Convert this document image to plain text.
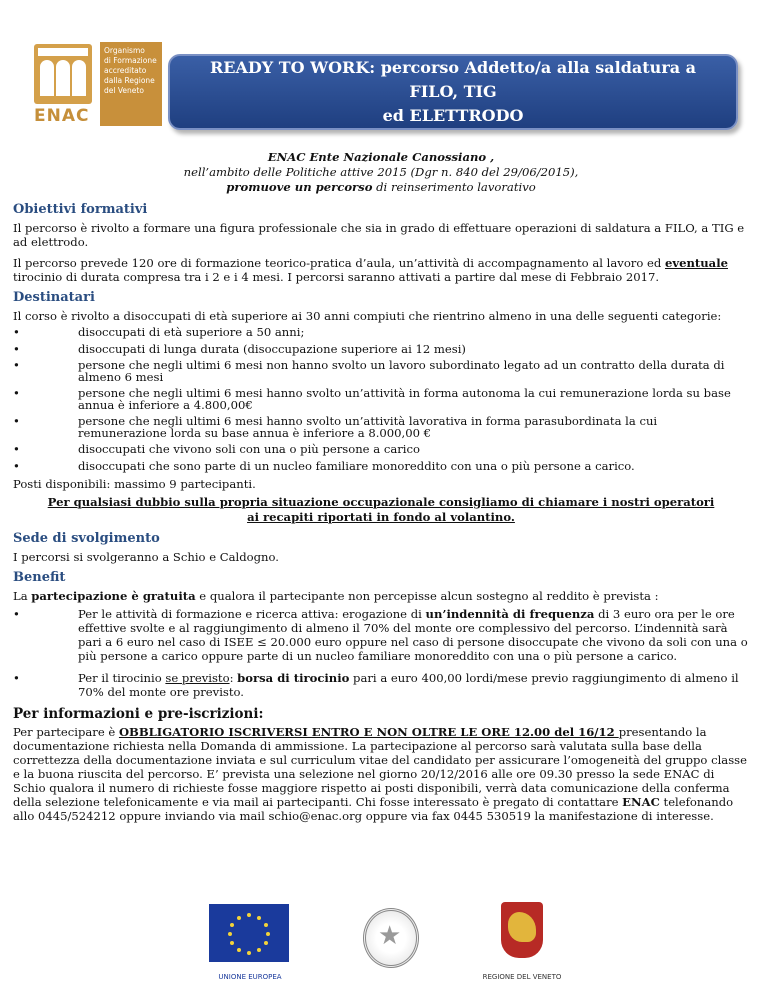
ENAC
Organismo
di Formazione
accreditato
dalla Regione
del Veneto
READY TO WORK: percorso Addetto/a alla saldatura a FILO, TIG
ed ELETTRODO
ENAC Ente Nazionale Canossiano ,
nell’ambito delle Politiche attive 2015 (Dgr n. 840 del 29/06/2015),
promuove un percorso di reinserimento lavorativo
Obiettivi formativi

Il percorso è rivolto a formare una figura professionale che sia in grado di effettuare operazioni di saldatura a FILO, a TIG e ad elettrodo.

Il percorso prevede 120 ore di formazione teorico-pratica d’aula, un’attività di accompagnamento al lavoro ed eventuale tirocinio di durata compresa tra i 2 e i 4 mesi. I percorsi saranno attivati a partire dal mese di Febbraio 2017.

Destinatari

Il corso è rivolto a disoccupati di età superiore ai 30 anni compiuti che rientrino almeno in una delle seguenti categorie:

• disoccupati di età superiore a 50 anni;
• disoccupati di lunga durata (disoccupazione superiore ai 12 mesi)
• persone che negli ultimi 6 mesi non hanno svolto un lavoro subordinato legato ad un contratto della durata di almeno 6 mesi
• persone che negli ultimi 6 mesi hanno svolto un’attività in forma autonoma la cui remunerazione lorda su base annua è inferiore a 4.800,00€
• persone che negli ultimi 6 mesi hanno svolto un’attività lavorativa in forma parasubordinata la cui remunerazione lorda su base annua è inferiore a 8.000,00 €
• disoccupati che vivono soli con una o più persone a carico
• disoccupati che sono parte di un nucleo familiare monoreddito con una o più persone a carico.

Posti disponibili: massimo 9 partecipanti.

Per qualsiasi dubbio sulla propria situazione occupazionale consigliamo di chiamare i nostri operatori
ai recapiti riportati in fondo al volantino.
Sede di svolgimento

I percorsi si svolgeranno a Schio e Caldogno.

Benefit

La partecipazione è gratuita e qualora il partecipante non percepisse alcun sostegno al reddito è prevista :

• Per le attività di formazione e ricerca attiva: erogazione di un’indennità di frequenza di 3 euro ora per le ore effettive svolte e al raggiungimento di almeno il 70% del monte ore complessivo del percorso. L’indennità sarà pari a 6 euro nel caso di ISEE ≤ 20.000 euro oppure nel caso di persone disoccupate che vivono da soli con una o più persone a carico oppure parte di un nucleo familiare monoreddito con una o più persone a carico.
• Per il tirocinio se previsto: borsa di tirocinio pari a euro 400,00 lordi/mese previo raggiungimento di almeno il 70% del monte ore previsto.
Per informazioni e pre-iscrizioni:

Per partecipare è OBBLIGATORIO ISCRIVERSI ENTRO E NON OLTRE LE ORE 12.00 del 16/12 presentando la documentazione richiesta nella Domanda di ammissione. La partecipazione al percorso sarà valutata sulla base della correttezza della documentazione inviata e sul curriculum vitae del candidato per assicurare l’omogeneità del gruppo classe e la buona riuscita del percorso. E’ prevista una selezione nel giorno 20/12/2016 alle ore 09.30 presso la sede ENAC di Schio qualora il numero di richieste fosse maggiore rispetto ai posti disponibili, verrà data comunicazione della conferma della selezione telefonicamente e via mail ai partecipanti. Chi fosse interessato è pregato di contattare ENAC telefonando allo 0445/524212 oppure inviando via mail schio@enac.org oppure via fax 0445 530519 la manifestazione di interesse.

UNIONE EUROPEA
★
REGIONE DEL VENETO
